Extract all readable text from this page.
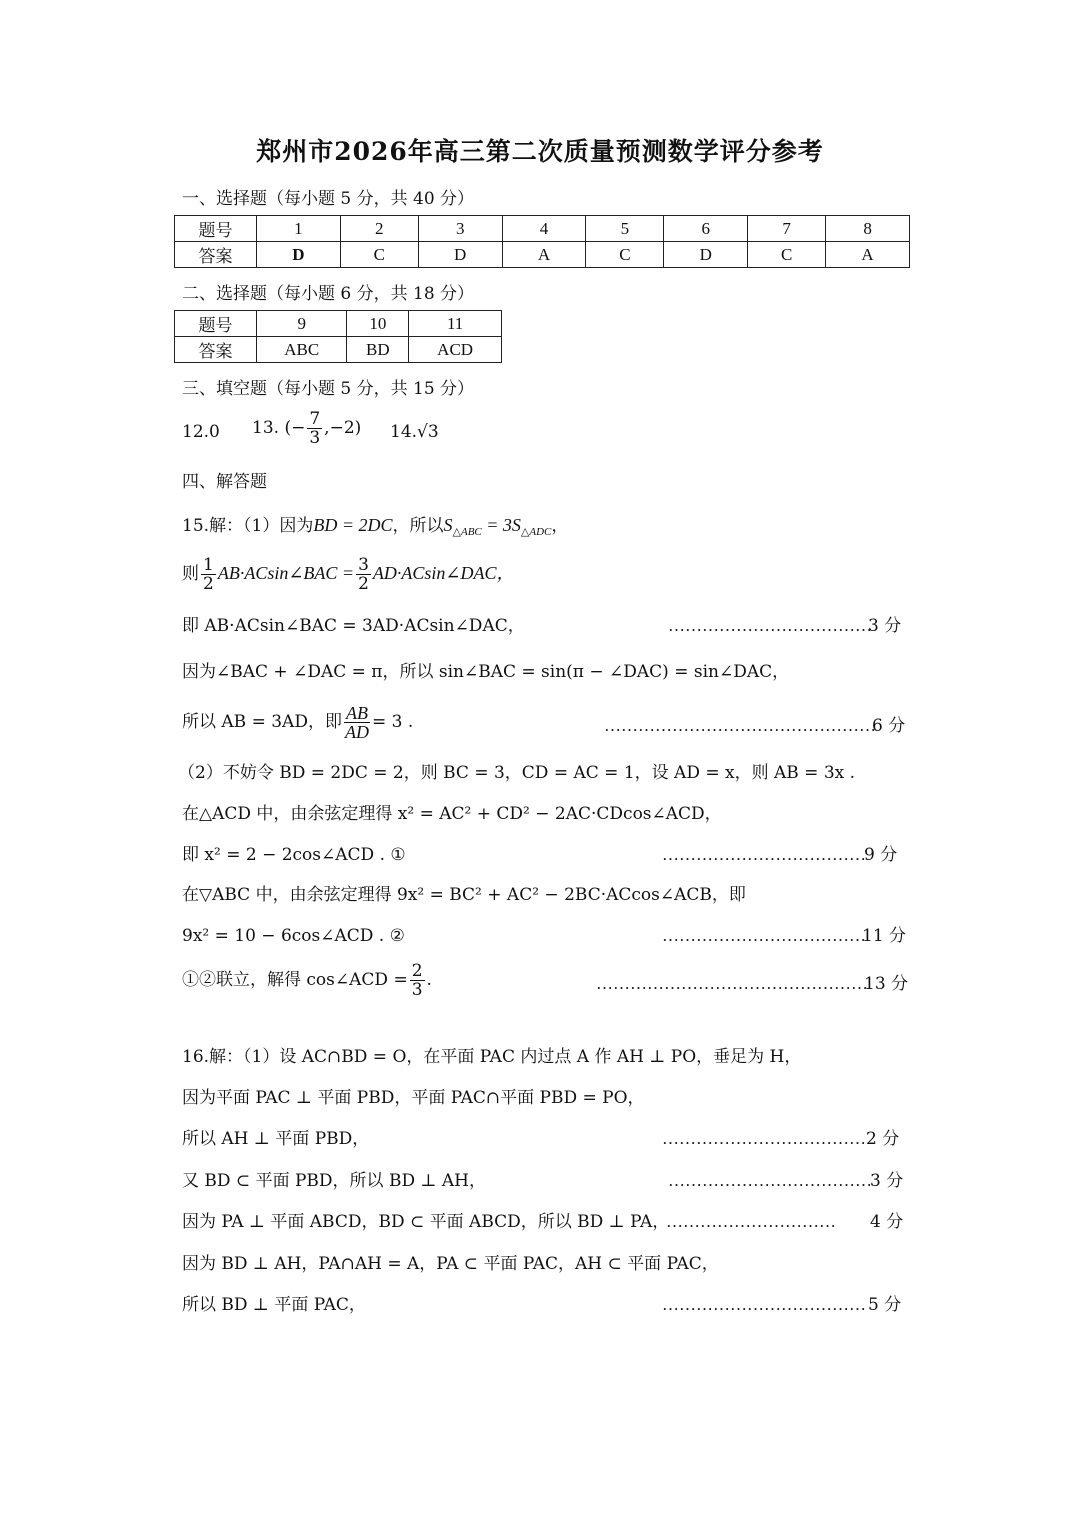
郑州市2026年高三第二次质量预测数学评分参考
一、选择题（每小题 5 分，共 40 分）
题号	1	2	3	4	5	6	7	8
答案	D	C	D	A	C	D	C	A
二、选择题（每小题 6 分，共 18 分）
题号	9	10	11
答案	ABC	BD	ACD
三、填空题（每小题 5 分，共 15 分）
12.0 13. (− $\frac{7}{3} ,-2$) 14.√3
四、解答题
15.解：（1）因为BD = 2DC，所以$S_{\triangle ABC} = 3S_{\triangle ADC}$，
则 $\frac{1}{2}$ AB·ACsin∠BAC = $\frac{3}{2}$ AD·ACsin∠DAC，
即 AB·ACsin∠BAC = 3AD·ACsin∠DAC，	………………………………
3 分
因为∠BAC + ∠DAC = π，所以 sin∠BAC = sin(π − ∠DAC) = sin∠DAC，
所以 AB = 3AD，即 $\frac{AB}{AD} = 3$ .	…………………………………………
6 分
（2）不妨令 BD = 2DC = 2，则 BC = 3，CD = AC = 1，设 AD = x，则 AB = 3x .
在△ACD 中，由余弦定理得 x² = AC² + CD² − 2AC·CDcos∠ACD，
即 x² = 2 − 2cos∠ACD . ①	………………………………
9 分
在▽ABC 中，由余弦定理得 9x² = BC² + AC² − 2BC·ACcos∠ACB，即
9x² = 10 − 6cos∠ACD . ②	………………………………
11 分
①②联立，解得 cos∠ACD = $\frac{2}{3}$ .	…………………………………………
13 分
16.解：（1）设 AC∩BD = O，在平面 PAC 内过点 A 作 AH ⊥ PO，垂足为 H，
因为平面 PAC ⊥ 平面 PBD，平面 PAC∩平面 PBD = PO，
所以 AH ⊥ 平面 PBD，	……………………………… 2 分
又 BD ⊂ 平面 PBD，所以 BD ⊥ AH，	………………………………
3 分
因为 PA ⊥ 平面 ABCD，BD ⊂ 平面 ABCD，所以 BD ⊥ PA，
………………………… 4 分
因为 BD ⊥ AH，PA∩AH = A，PA ⊂ 平面 PAC，AH ⊂ 平面 PAC，
所以 BD ⊥ 平面 PAC，	……………………………… 5 分
